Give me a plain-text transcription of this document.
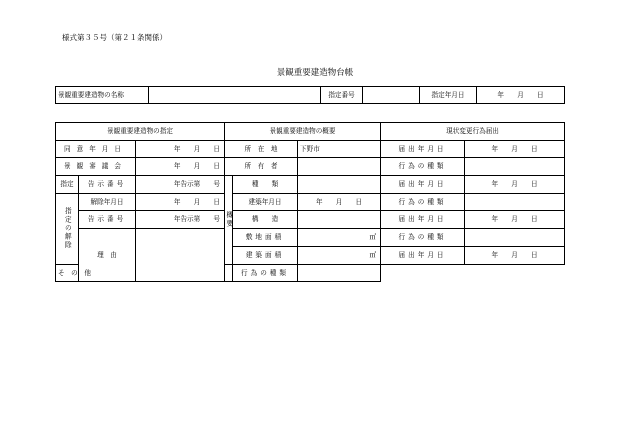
様式第３５号（第２１条関係）
景観重要建造物台帳
景観重要建造物の名称		指定番号		指定年月日	年　　月　　日
景観重要建造物の指定			景観重要建造物の概要			現状変更行為届出	
同意年月日		年　　月　　日	所　在　地		下野市	届出年月日	年　　月　　日
景観審議会		年　　月　　日	所　有　者			行為の種類	
指定	告示番号	年告示第　　号	概要	種　　類		届出年月日	年　　月　　日
指定の解除	解除年月日	年　　月　　日		建築年月日	年　　月　　日	行為の種類	
	告示番号	年告示第　　号		構　　造		届出年月日	年　　月　　日
	理　由			敷地面積	㎡	行為の種類	
				建築面積	㎡	届出年月日	年　　月　　日
そ　の　他				行為の種類			
